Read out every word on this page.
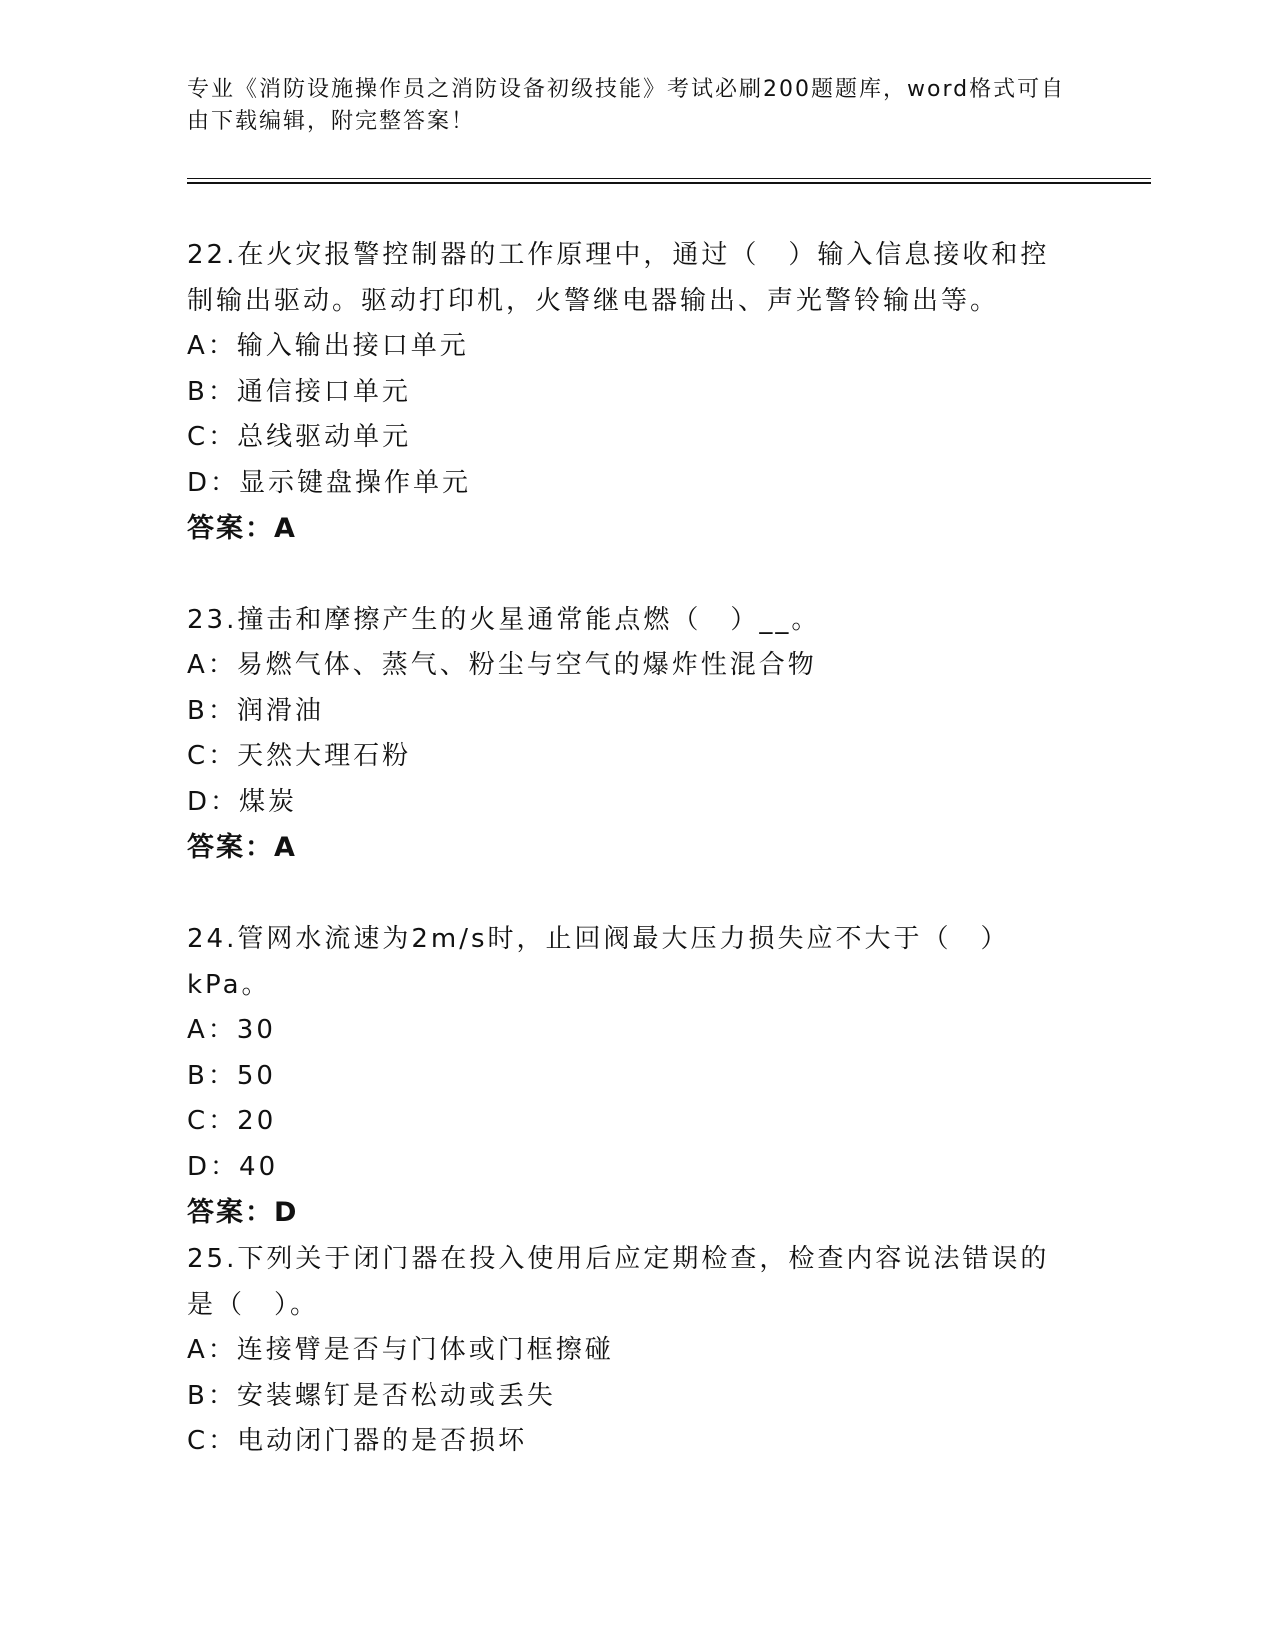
专业《消防设施操作员之消防设备初级技能》考试必刷200题题库，word格式可自由下载编辑，附完整答案！

22.在火灾报警控制器的工作原理中，通过（　）输入信息接收和控制输出驱动。驱动打印机，火警继电器输出、声光警铃输出等。

A：输入输出接口单元
B：通信接口单元
C：总线驱动单元
D：显示键盘操作单元
答案：A

23.撞击和摩擦产生的火星通常能点燃（　）__。

A：易燃气体、蒸气、粉尘与空气的爆炸性混合物
B：润滑油
C：天然大理石粉
D：煤炭
答案：A

24.管网水流速为2m/s时，止回阀最大压力损失应不大于（　）kPa。

A：30
B：50
C：20
D：40
答案：D

25.下列关于闭门器在投入使用后应定期检查，检查内容说法错误的是（　）。

A：连接臂是否与门体或门框擦碰
B：安装螺钉是否松动或丢失
C：电动闭门器的是否损坏
